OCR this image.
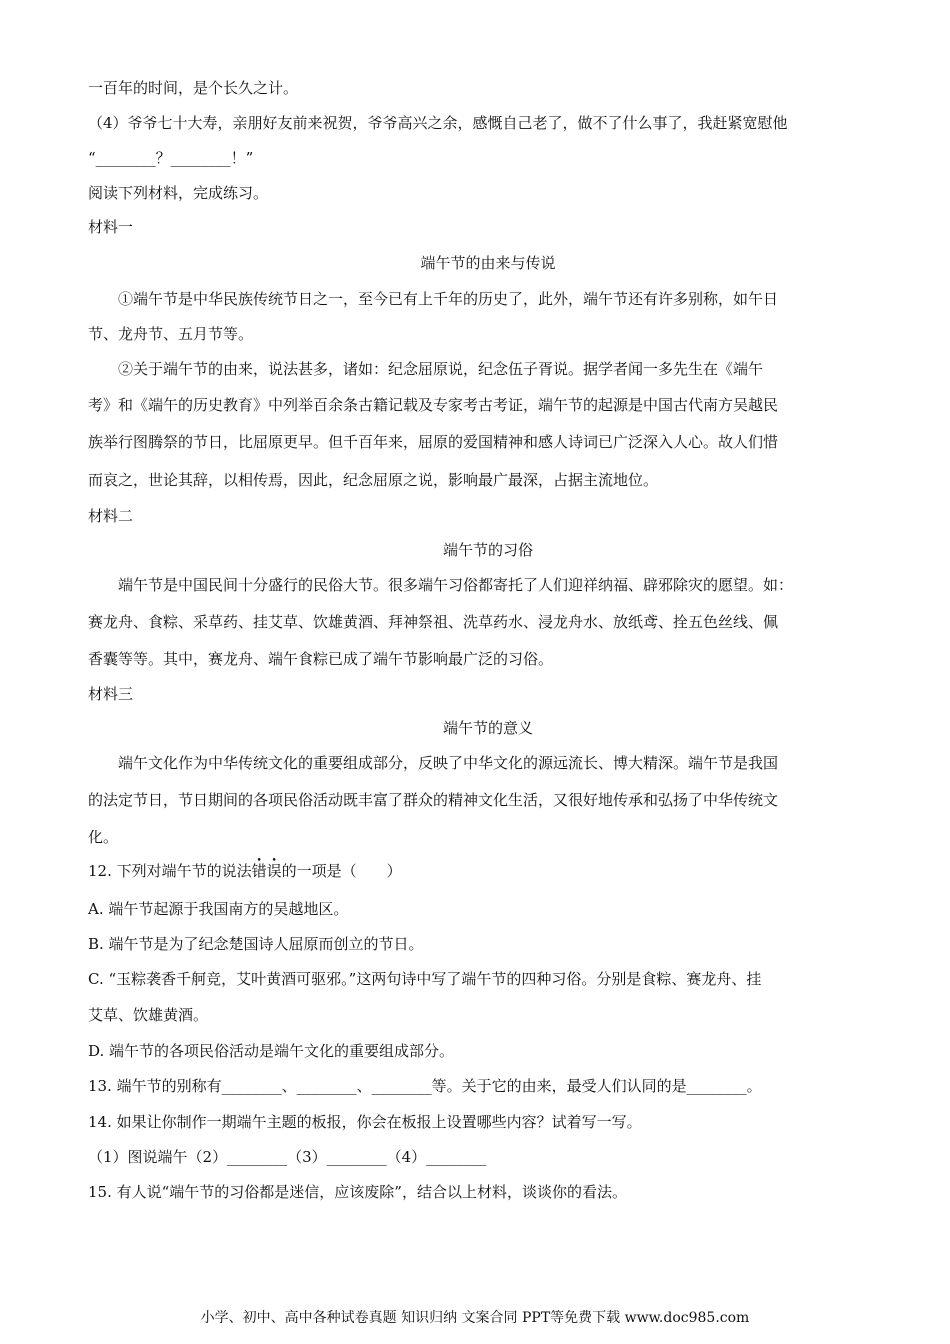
一百年的时间，是个长久之计。
（4）爷爷七十大寿，亲朋好友前来祝贺，爷爷高兴之余，感慨自己老了，做不了什么事了，我赶紧宽慰他
“________？________！”
阅读下列材料，完成练习。
材料一
端午节的由来与传说
①端午节是中华民族传统节日之一，至今已有上千年的历史了，此外，端午节还有许多别称，如午日
节、龙舟节、五月节等。
②关于端午节的由来，说法甚多，诸如：纪念屈原说，纪念伍子胥说。据学者闻一多先生在《端午
考》和《端午的历史教育》中列举百余条古籍记载及专家考古考证，端午节的起源是中国古代南方吴越民
族举行图腾祭的节日，比屈原更早。但千百年来，屈原的爱国精神和感人诗词已广泛深入人心。故人们惜
而哀之，世论其辞，以相传焉，因此，纪念屈原之说，影响最广最深，占据主流地位。
材料二
端午节的习俗
端午节是中国民间十分盛行的民俗大节。很多端午习俗都寄托了人们迎祥纳福、辟邪除灾的愿望。如：
赛龙舟、食粽、采草药、挂艾草、饮雄黄酒、拜神祭祖、洗草药水、浸龙舟水、放纸鸢、拴五色丝线、佩
香囊等等。其中，赛龙舟、端午食粽已成了端午节影响最广泛的习俗。
材料三
端午节的意义
端午文化作为中华传统文化的重要组成部分，反映了中华文化的源远流长、博大精深。端午节是我国
的法定节日，节日期间的各项民俗活动既丰富了群众的精神文化生活，又很好地传承和弘扬了中华传统文
化。
12. 下列对端午节的说法错误的一项是（　　）
A. 端午节起源于我国南方的吴越地区。
B. 端午节是为了纪念楚国诗人屈原而创立的节日。
C. “玉粽袭香千舸竞，艾叶黄酒可驱邪。”这两句诗中写了端午节的四种习俗。分别是食粽、赛龙舟、挂
艾草、饮雄黄酒。
D. 端午节的各项民俗活动是端午文化的重要组成部分。
13. 端午节的别称有________、________、________等。关于它的由来，最受人们认同的是________。
14. 如果让你制作一期端午主题的板报，你会在板报上设置哪些内容？试着写一写。
（1）图说端午（2）________（3）________（4）________
15. 有人说“端午节的习俗都是迷信，应该废除”，结合以上材料，谈谈你的看法。
小学、初中、高中各种试卷真题 知识归纳 文案合同 PPT等免费下载 www.doc985.com
